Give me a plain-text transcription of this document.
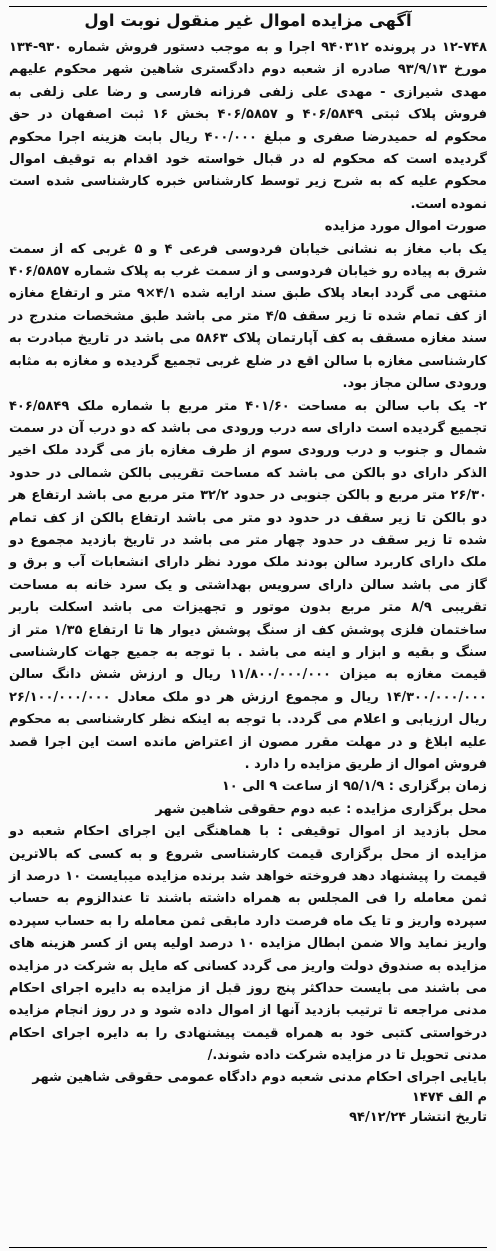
آگهی مزایده اموال غیر منقول نوبت اول

۱۲-۷۴۸ در پرونده ۹۴۰۳۱۲ اجرا و به موجب دستور فروش شماره ۹۳۰-۱۳۴ مورخ ۹۳/۹/۱۳ صادره از شعبه دوم دادگستری شاهین شهر محکوم علیهم مهدی شیرازی - مهدی علی زلفی فرزانه فارسی و رضا علی زلفی به فروش پلاک ثبتی ۴۰۶/۵۸۴۹ و ۴۰۶/۵۸۵۷ بخش ۱۶ ثبت اصفهان در حق محکوم له حمیدرضا صفری و مبلغ ۴۰۰/۰۰۰ ریال بابت هزینه اجرا محکوم گردیده است که محکوم له در قبال خواسته خود اقدام به توقیف اموال محکوم علیه که به شرح زیر توسط کارشناس خبره کارشناسی شده است نموده است.

صورت اموال مورد مزایده

یک باب مغاز به نشانی خیابان فردوسی فرعی ۴ و ۵ غربی که از سمت شرق به پیاده رو خیابان فردوسی و از سمت غرب به پلاک شماره ۴۰۶/۵۸۵۷ منتهی می گردد ابعاد پلاک طبق سند ارایه شده ۴/۱×۹ متر و ارتفاع مغازه از کف تمام شده تا زیر سقف ۴/۵ متر می باشد طبق مشخصات مندرج در سند مغازه مسقف به کف آپارتمان پلاک ۵۸۶۳ می باشد در تاریخ مبادرت به کارشناسی مغازه با سالن اقع در ضلع غربی تجمیع گردیده و مغازه به مثابه ورودی سالن مجاز بود.

۲- یک باب سالن به مساحت ۴۰۱/۶۰ متر مربع با شماره ملک ۴۰۶/۵۸۴۹ تجمیع گردیده است دارای سه درب ورودی می باشد که دو درب آن در سمت شمال و جنوب و درب ورودی سوم از طرف مغازه باز می گردد ملک اخیر الذکر دارای دو بالکن می باشد که مساحت تقریبی بالکن شمالی در حدود ۲۶/۳۰ متر مربع و بالکن جنوبی در حدود ۳۲/۲ متر مربع می باشد ارتفاع هر دو بالکن تا زیر سقف در حدود دو متر می باشد ارتفاع بالکن از کف تمام شده تا زیر سقف در حدود چهار متر می باشد در تاریخ بازدید مجموع دو ملک دارای کاربرد سالن بودند ملک مورد نظر دارای انشعابات آب و برق و گاز می باشد سالن دارای سرویس بهداشتی و یک سرد خانه به مساحت تقریبی ۸/۹ متر مربع بدون موتور و تجهیزات می باشد اسکلت باربر ساختمان فلزی پوشش کف از سنگ پوشش دیوار ها تا ارتفاع ۱/۳۵ متر از سنگ و بقیه و ابزار و اینه می باشد . با توجه به جمیع جهات کارشناسی قیمت مغازه به میزان ۱۱/۸۰۰/۰۰۰/۰۰۰ ریال و ارزش شش دانگ سالن ۱۴/۳۰۰/۰۰۰/۰۰۰ ریال و مجموع ارزش هر دو ملک معادل ۲۶/۱۰۰/۰۰۰/۰۰۰ ریال ارزیابی و اعلام می گردد. با توجه به اینکه نظر کارشناسی به محکوم علیه ابلاغ و در مهلت مقرر مصون از اعتراض مانده است این اجرا قصد فروش اموال از طریق مزایده را دارد .

زمان برگزاری : ۹۵/۱/۹ از ساعت ۹ الی ۱۰

محل برگزاری مزایده : عبه دوم حقوقی شاهین شهر

محل بازدید از اموال توقیفی : با هماهنگی این اجرای احکام شعبه دو مزایده از محل برگزاری قیمت کارشناسی شروع و به کسی که بالاترین قیمت را پیشنهاد دهد فروخته خواهد شد برنده مزایده میبایست ۱۰ درصد از ثمن معامله را فی المجلس به همراه داشته باشند تا عندالزوم به حساب سپرده واریز و تا یک ماه فرصت دارد مابقی ثمن معامله را به حساب سپرده واریز نماید والا ضمن ابطال مزایده ۱۰ درصد اولیه پس از کسر هزینه های مزایده به صندوق دولت واریز می گردد کسانی که مایل به شرکت در مزایده می باشند می بایست حداکثر پنج روز قبل از مزایده به دایره اجرای احکام مدنی مراجعه تا ترتیب بازدید آنها از اموال داده شود و در روز انجام مزایده درخواستی کتبی خود به همراه قیمت پیشنهادی را به دایره اجرای احکام مدنی تحویل تا در مزایده شرکت داده شوند./

بایایی اجرای احکام مدنی شعبه دوم دادگاه عمومی حقوقی شاهین شهر
م الف ۱۴۷۴
تاریخ انتشار ۹۴/۱۲/۲۴
